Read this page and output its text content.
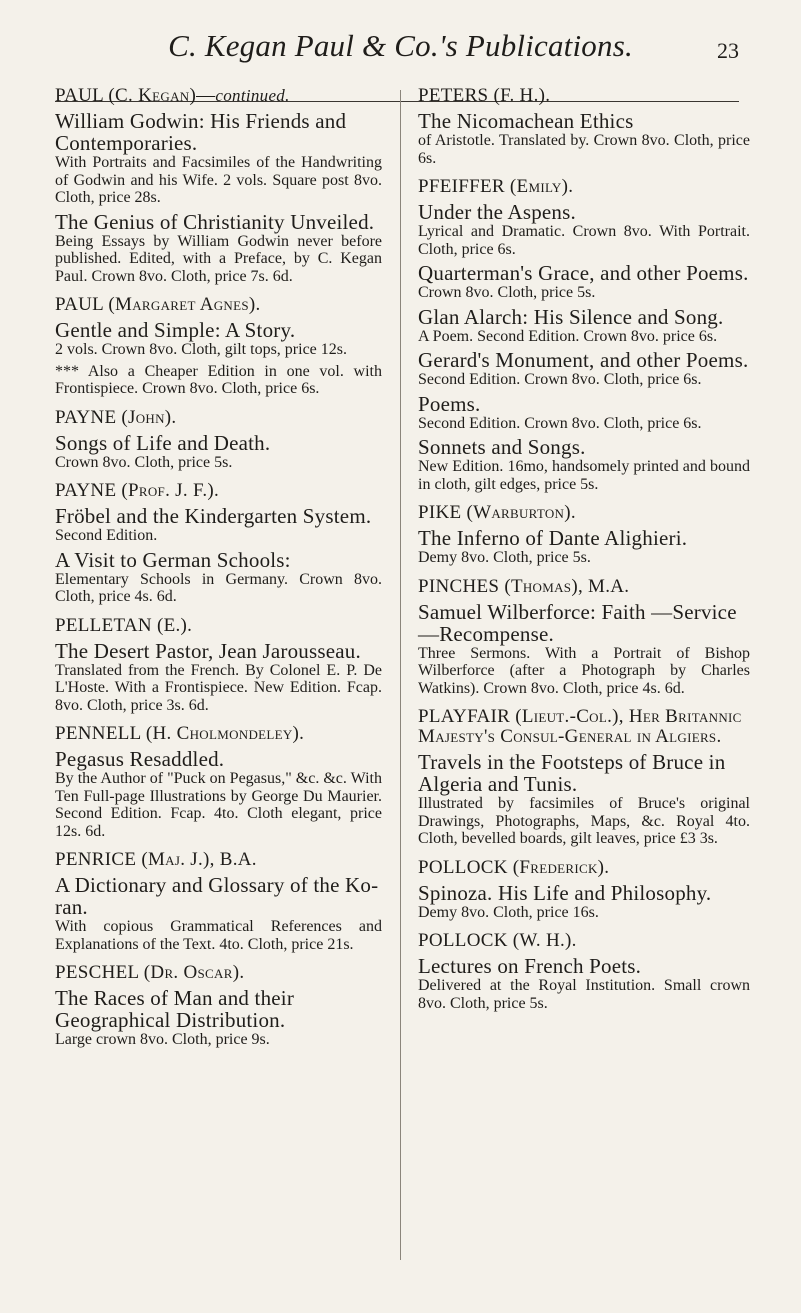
C. Kegan Paul & Co.'s Publications.	23
PAUL (C. Kegan)—continued.
William Godwin: His Friends and Contemporaries.
With Portraits and Facsimiles of the Handwriting of Godwin and his Wife. 2 vols. Square post 8vo. Cloth, price 28s.
The Genius of Christianity Unveiled.
Being Essays by William Godwin never before published. Edited, with a Preface, by C. Kegan Paul. Crown 8vo. Cloth, price 7s. 6d.
PAUL (Margaret Agnes).
Gentle and Simple: A Story.
2 vols. Crown 8vo. Cloth, gilt tops, price 12s.
*** Also a Cheaper Edition in one vol. with Frontispiece. Crown 8vo. Cloth, price 6s.
PAYNE (John).
Songs of Life and Death.
Crown 8vo. Cloth, price 5s.
PAYNE (Prof. J. F.).
Fröbel and the Kindergarten System.
Second Edition.
A Visit to German Schools:
Elementary Schools in Germany. Crown 8vo. Cloth, price 4s. 6d.
PELLETAN (E.).
The Desert Pastor, Jean Jarousseau.
Translated from the French. By Colonel E. P. De L'Hoste. With a Frontispiece. New Edition. Fcap. 8vo. Cloth, price 3s. 6d.
PENNELL (H. Cholmondeley).
Pegasus Resaddled.
By the Author of "Puck on Pegasus," &c. &c. With Ten Full-page Illustrations by George Du Maurier. Second Edition. Fcap. 4to. Cloth elegant, price 12s. 6d.
PENRICE (Maj. J.), B.A.
A Dictionary and Glossary of the Ko-ran.
With copious Grammatical References and Explanations of the Text. 4to. Cloth, price 21s.
PESCHEL (Dr. Oscar).
The Races of Man and their Geographical Distribution.
Large crown 8vo. Cloth, price 9s.
PETERS (F. H.).
The Nicomachean Ethics
of Aristotle. Translated by. Crown 8vo. Cloth, price 6s.
PFEIFFER (Emily).
Under the Aspens.
Lyrical and Dramatic. Crown 8vo. With Portrait. Cloth, price 6s.
Quarterman's Grace, and other Poems.
Crown 8vo. Cloth, price 5s.
Glan Alarch: His Silence and Song.
A Poem. Second Edition. Crown 8vo. price 6s.
Gerard's Monument, and other Poems.
Second Edition. Crown 8vo. Cloth, price 6s.
Poems.
Second Edition. Crown 8vo. Cloth, price 6s.
Sonnets and Songs.
New Edition. 16mo, handsomely printed and bound in cloth, gilt edges, price 5s.
PIKE (Warburton).
The Inferno of Dante Alighieri.
Demy 8vo. Cloth, price 5s.
PINCHES (Thomas), M.A.
Samuel Wilberforce: Faith —Service—Recompense.
Three Sermons. With a Portrait of Bishop Wilberforce (after a Photograph by Charles Watkins). Crown 8vo. Cloth, price 4s. 6d.
PLAYFAIR (Lieut.-Col.), Her Britannic Majesty's Consul-General in Algiers.
Travels in the Footsteps of Bruce in Algeria and Tunis.
Illustrated by facsimiles of Bruce's original Drawings, Photographs, Maps, &c. Royal 4to. Cloth, bevelled boards, gilt leaves, price £3 3s.
POLLOCK (Frederick).
Spinoza. His Life and Philosophy.
Demy 8vo. Cloth, price 16s.
POLLOCK (W. H.).
Lectures on French Poets.
Delivered at the Royal Institution. Small crown 8vo. Cloth, price 5s.
